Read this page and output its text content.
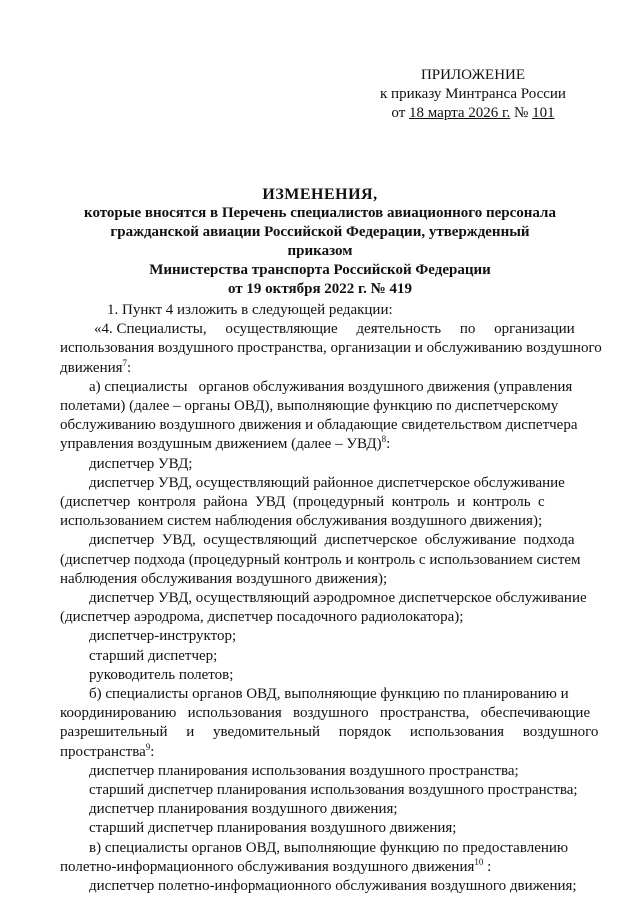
ПРИЛОЖЕНИЕ
к приказу Минтранса России
от 18 марта 2026 г. № 101
ИЗМЕНЕНИЯ,
которые вносятся в Перечень специалистов авиационного персонала
гражданской авиации Российской Федерации, утвержденный приказом
Министерства транспорта Российской Федерации
от 19 октября 2022 г. № 419
1. Пункт 4 изложить в следующей редакции:
«4. Специалисты,     осуществляющие     деятельность     по     организации
использования воздушного пространства, организации и обслуживанию воздушного
движения$^7$:
а) специалисты   органов обслуживания воздушного движения (управления
полетами) (далее – органы ОВД), выполняющие функцию по диспетчерскому
обслуживанию воздушного движения и обладающие свидетельством диспетчера
управления воздушным движением (далее – УВД)$^8$:
диспетчер УВД;
диспетчер УВД, осуществляющий районное диспетчерское обслуживание
(диспетчер  контроля  района  УВД  (процедурный  контроль  и  контроль  с
использованием систем наблюдения обслуживания воздушного движения);
диспетчер  УВД,  осуществляющий  диспетчерское  обслуживание  подхода
(диспетчер подхода (процедурный контроль и контроль с использованием систем
наблюдения обслуживания воздушного движения);
диспетчер УВД, осуществляющий аэродромное диспетчерское обслуживание
(диспетчер аэродрома, диспетчер посадочного радиолокатора);
диспетчер-инструктор;
старший диспетчер;
руководитель полетов;
б) специалисты органов ОВД, выполняющие функцию по планированию и
координированию   использования   воздушного   пространства,   обеспечивающие
разрешительный     и     уведомительный     порядок     использования     воздушного
пространства$^9$:
диспетчер планирования использования воздушного пространства;
старший диспетчер планирования использования воздушного пространства;
диспетчер планирования воздушного движения;
старший диспетчер планирования воздушного движения;
в) специалисты органов ОВД, выполняющие функцию по предоставлению
полетно-информационного обслуживания воздушного движения$^{10}$ :
диспетчер полетно-информационного обслуживания воздушного движения;
